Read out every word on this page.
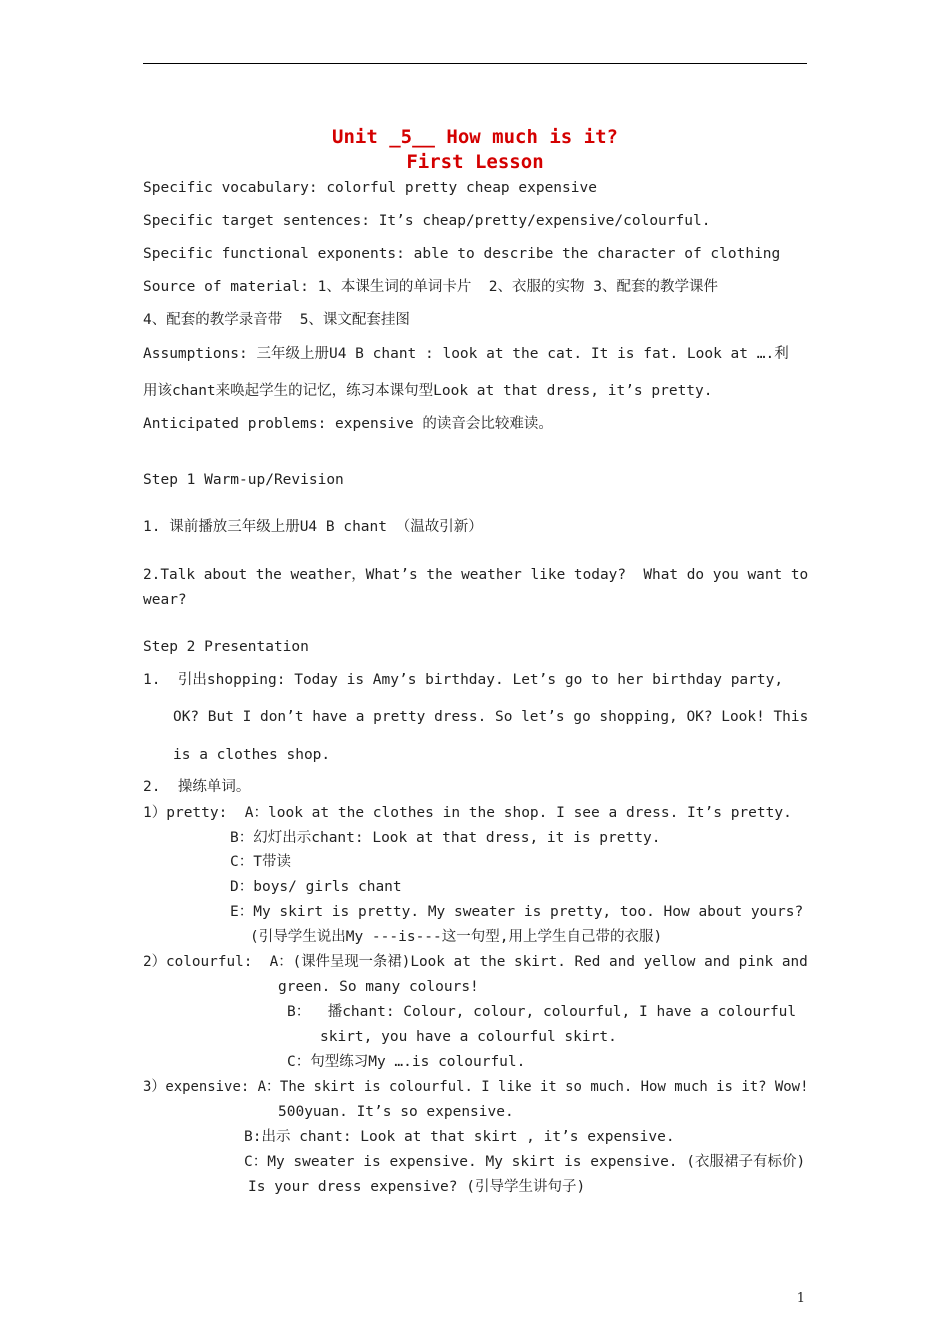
Unit _5__ How much is it?
First Lesson
Specific vocabulary: colorful pretty cheap expensive
Specific target sentences: It’s cheap/pretty/expensive/colourful.
Specific functional exponents: able to describe the character of clothing
Source of material: 1、本课生词的单词卡片  2、衣服的实物 3、配套的教学课件
4、配套的教学录音带  5、课文配套挂图
Assumptions: 三年级上册U4 B chant : look at the cat. It is fat. Look at ….利
用该chant来唤起学生的记忆，练习本课句型Look at that dress, it’s pretty.
Anticipated problems: expensive 的读音会比较难读。
Step 1 Warm-up/Revision
1. 课前播放三年级上册U4 B chant （温故引新）
2.Talk about the weather，What’s the weather like today?  What do you want to
wear?
Step 2 Presentation
1.  引出shopping: Today is Amy’s birthday. Let’s go to her birthday party,
OK? But I don’t have a pretty dress. So let’s go shopping, OK? Look! This
is a clothes shop.
2.  操练单词。
1）pretty:  A：look at the clothes in the shop. I see a dress. It’s pretty.
B：幻灯出示chant: Look at that dress, it is pretty.
C：T带读
D：boys/ girls chant
E：My skirt is pretty. My sweater is pretty, too. How about yours?
(引导学生说出My ---is---这一句型,用上学生自己带的衣服)
2）colourful:  A：(课件呈现一条裙)Look at the skirt. Red and yellow and pink and
green. So many colours!
B：  播chant: Colour, colour, colourful, I have a colourful
skirt, you have a colourful skirt.
C：句型练习My ….is colourful.
3）expensive: A：The skirt is colourful. I like it so much. How much is it? Wow!
500yuan. It’s so expensive.
B:出示 chant: Look at that skirt , it’s expensive.
C：My sweater is expensive. My skirt is expensive. (衣服裙子有标价)
Is your dress expensive? (引导学生讲句子)
1
